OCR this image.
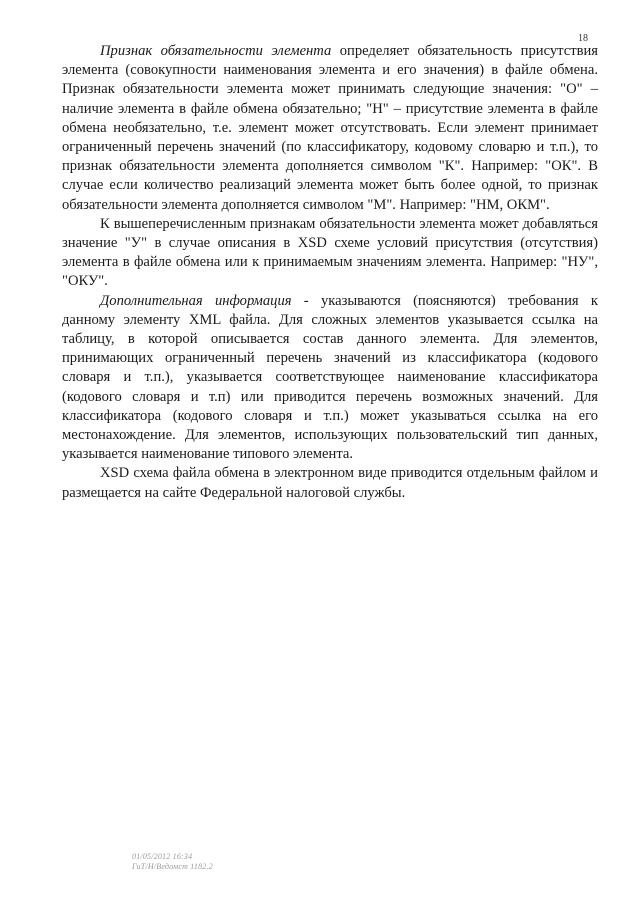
18

Признак обязательности элемента определяет обязательность присутствия элемента (совокупности наименования элемента и его значения) в файле обмена. Признак обязательности элемента может принимать следующие значения: "О" – наличие элемента в файле обмена обязательно; "Н" – присутствие элемента в файле обмена необязательно, т.е. элемент может отсутствовать. Если элемент принимает ограниченный перечень значений (по классификатору, кодовому словарю и т.п.), то признак обязательности элемента дополняется символом "К". Например: "ОК". В случае если количество реализаций элемента может быть более одной, то признак обязательности элемента дополняется символом "М". Например: "НМ, ОКМ".

К вышеперечисленным признакам обязательности элемента может добавляться значение "У" в случае описания в XSD схеме условий присутствия (отсутствия) элемента в файле обмена или к принимаемым значениям элемента. Например: "НУ", "ОКУ".

Дополнительная информация - указываются (поясняются) требования к данному элементу XML файла. Для сложных элементов указывается ссылка на таблицу, в которой описывается состав данного элемента. Для элементов, принимающих ограниченный перечень значений из классификатора (кодового словаря и т.п.), указывается соответствующее наименование классификатора (кодового словаря и т.п) или приводится перечень возможных значений. Для классификатора (кодового словаря и т.п.) может указываться ссылка на его местонахождение. Для элементов, использующих пользовательский тип данных, указывается наименование типового элемента.

XSD схема файла обмена в электронном виде приводится отдельным файлом и размещается на сайте Федеральной налоговой службы.

01/05/2012 16:34
ГиТ/Н/Ведомст 1182.2
